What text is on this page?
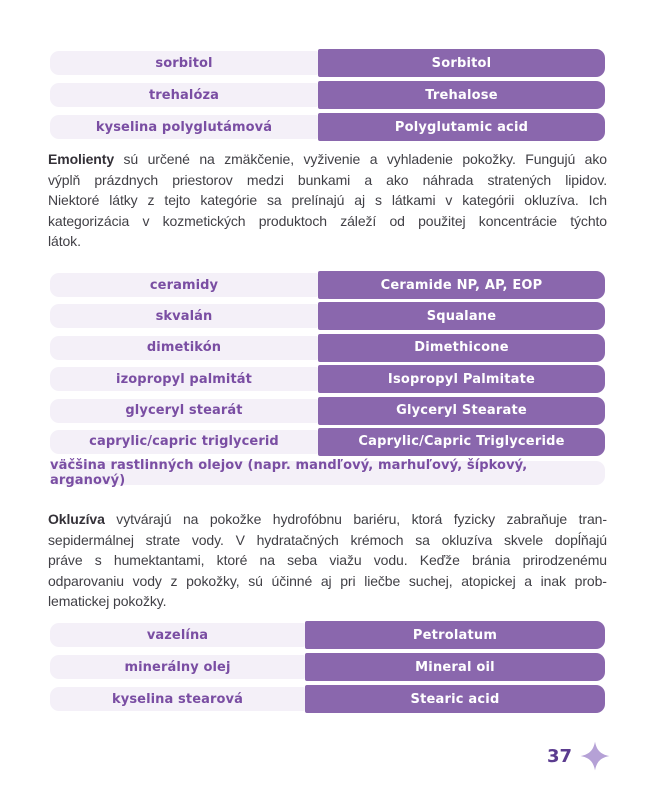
sorbitol	Sorbitol
trehalóza	Trehalose
kyselina polyglutámová	Polyglutamic acid
Emolienty sú určené na zmäkčenie, vyživenie a vyhladenie pokožky. Fungujú ako
výplň prázdnych priestorov medzi bunkami a ako náhrada stratených lipidov.
Niektoré látky z tejto kategórie sa prelínajú aj s látkami v kategórii okluzíva. Ich
kategorizácia v kozmetických produktoch záleží od použitej koncentrácie týchto
látok.
ceramidy	Ceramide NP, AP, EOP
skvalán	Squalane
dimetikón	Dimethicone
izopropyl palmitát	Isopropyl Palmitate
glyceryl stearát	Glyceryl Stearate
caprylic/capric triglycerid	Caprylic/Capric Triglyceride
väčšina rastlinných olejov (napr. mandľový, marhuľový, šípkový, arganový)
Okluzíva vytvárajú na pokožke hydrofóbnu bariéru, ktorá fyzicky zabraňuje tran-
sepidermálnej strate vody. V hydratačných krémoch sa okluzíva skvele dopĺňajú
práve s humektantami, ktoré na seba viažu vodu. Keďže bránia prirodzenému
odparovaniu vody z pokožky, sú účinné aj pri liečbe suchej, atopickej a inak prob-
lematickej pokožky.
vazelína	Petrolatum
minerálny olej	Mineral oil
kyselina stearová	Stearic acid
37
